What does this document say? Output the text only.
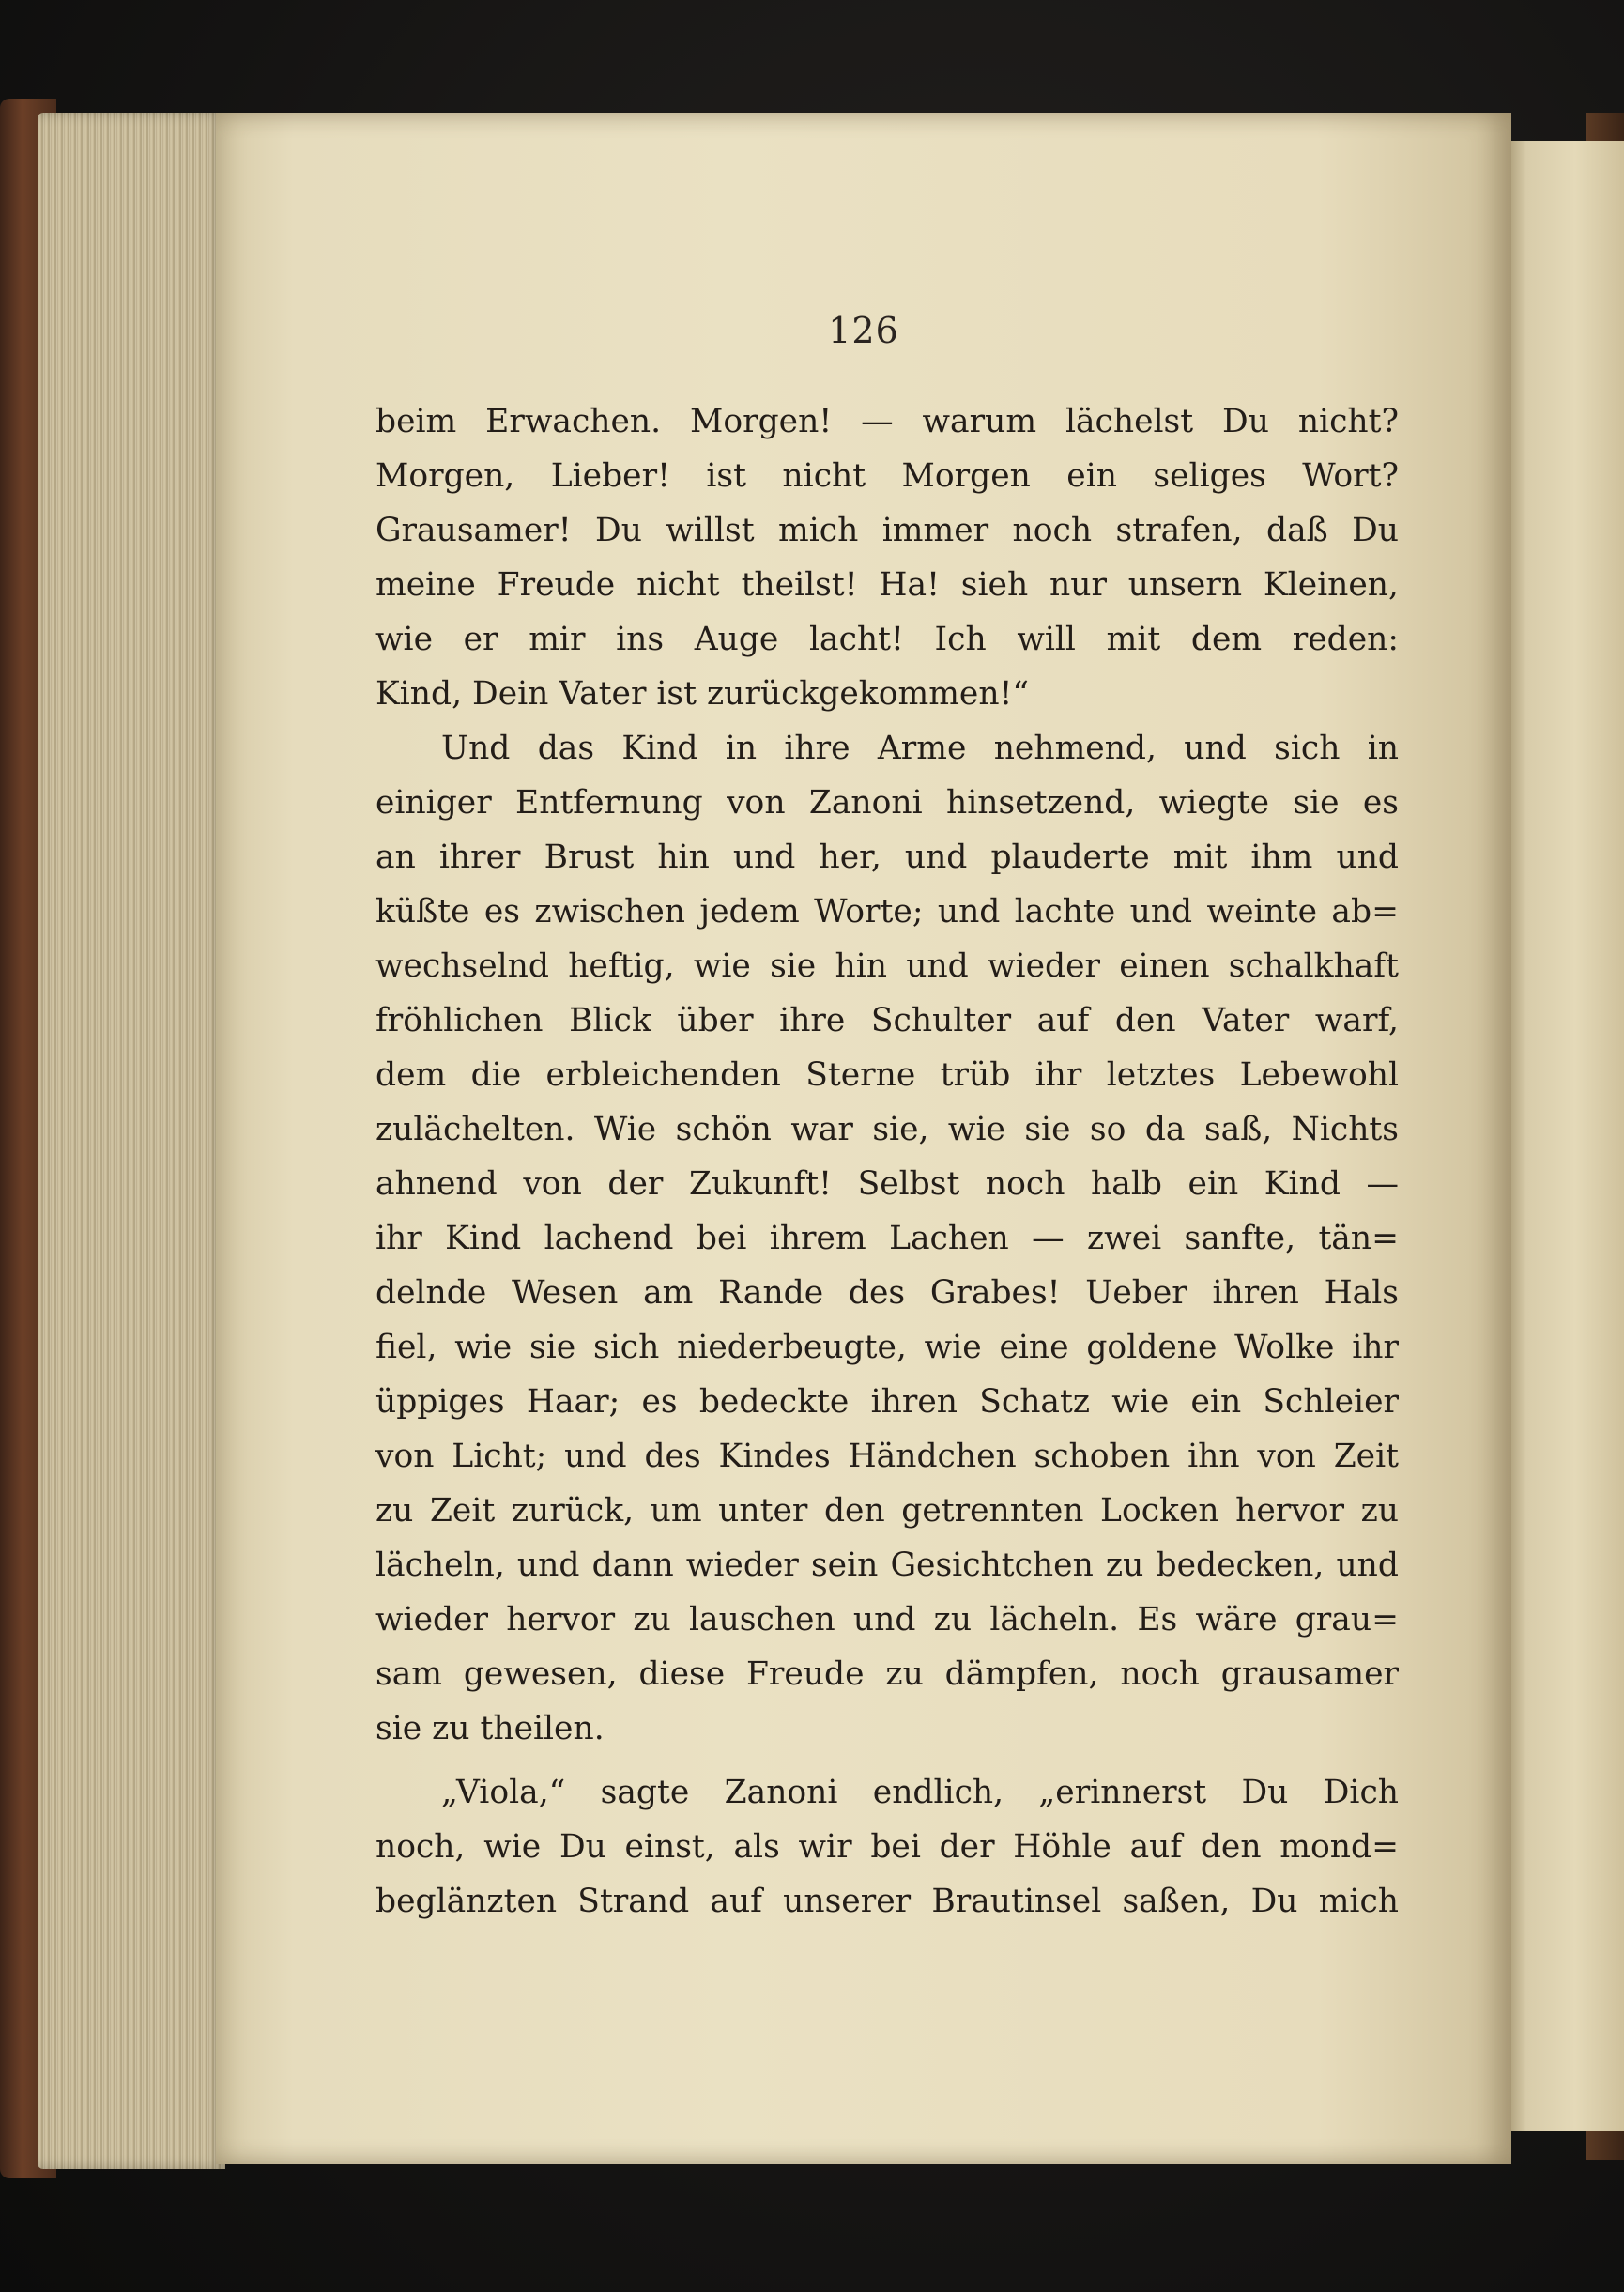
126
beim Erwachen. Morgen! — warum lächelst Du nicht?
Morgen, Lieber! ist nicht Morgen ein seliges Wort?
Grausamer! Du willst mich immer noch strafen, daß Du
meine Freude nicht theilst! Ha! sieh nur unsern Kleinen,
wie er mir ins Auge lacht! Ich will mit dem reden:
Kind, Dein Vater ist zurückgekommen!“
Und das Kind in ihre Arme nehmend, und sich in
einiger Entfernung von Zanoni hinsetzend, wiegte sie es
an ihrer Brust hin und her, und plauderte mit ihm und
küßte es zwischen jedem Worte; und lachte und weinte ab=
wechselnd heftig, wie sie hin und wieder einen schalkhaft
fröhlichen Blick über ihre Schulter auf den Vater warf,
dem die erbleichenden Sterne trüb ihr letztes Lebewohl
zulächelten. Wie schön war sie, wie sie so da saß, Nichts
ahnend von der Zukunft! Selbst noch halb ein Kind —
ihr Kind lachend bei ihrem Lachen — zwei sanfte, tän=
delnde Wesen am Rande des Grabes! Ueber ihren Hals
fiel, wie sie sich niederbeugte, wie eine goldene Wolke ihr
üppiges Haar; es bedeckte ihren Schatz wie ein Schleier
von Licht; und des Kindes Händchen schoben ihn von Zeit
zu Zeit zurück, um unter den getrennten Locken hervor zu
lächeln, und dann wieder sein Gesichtchen zu bedecken, und
wieder hervor zu lauschen und zu lächeln. Es wäre grau=
sam gewesen, diese Freude zu dämpfen, noch grausamer
sie zu theilen.
„Viola,“ sagte Zanoni endlich, „erinnerst Du Dich
noch, wie Du einst, als wir bei der Höhle auf den mond=
beglänzten Strand auf unserer Brautinsel saßen, Du mich
